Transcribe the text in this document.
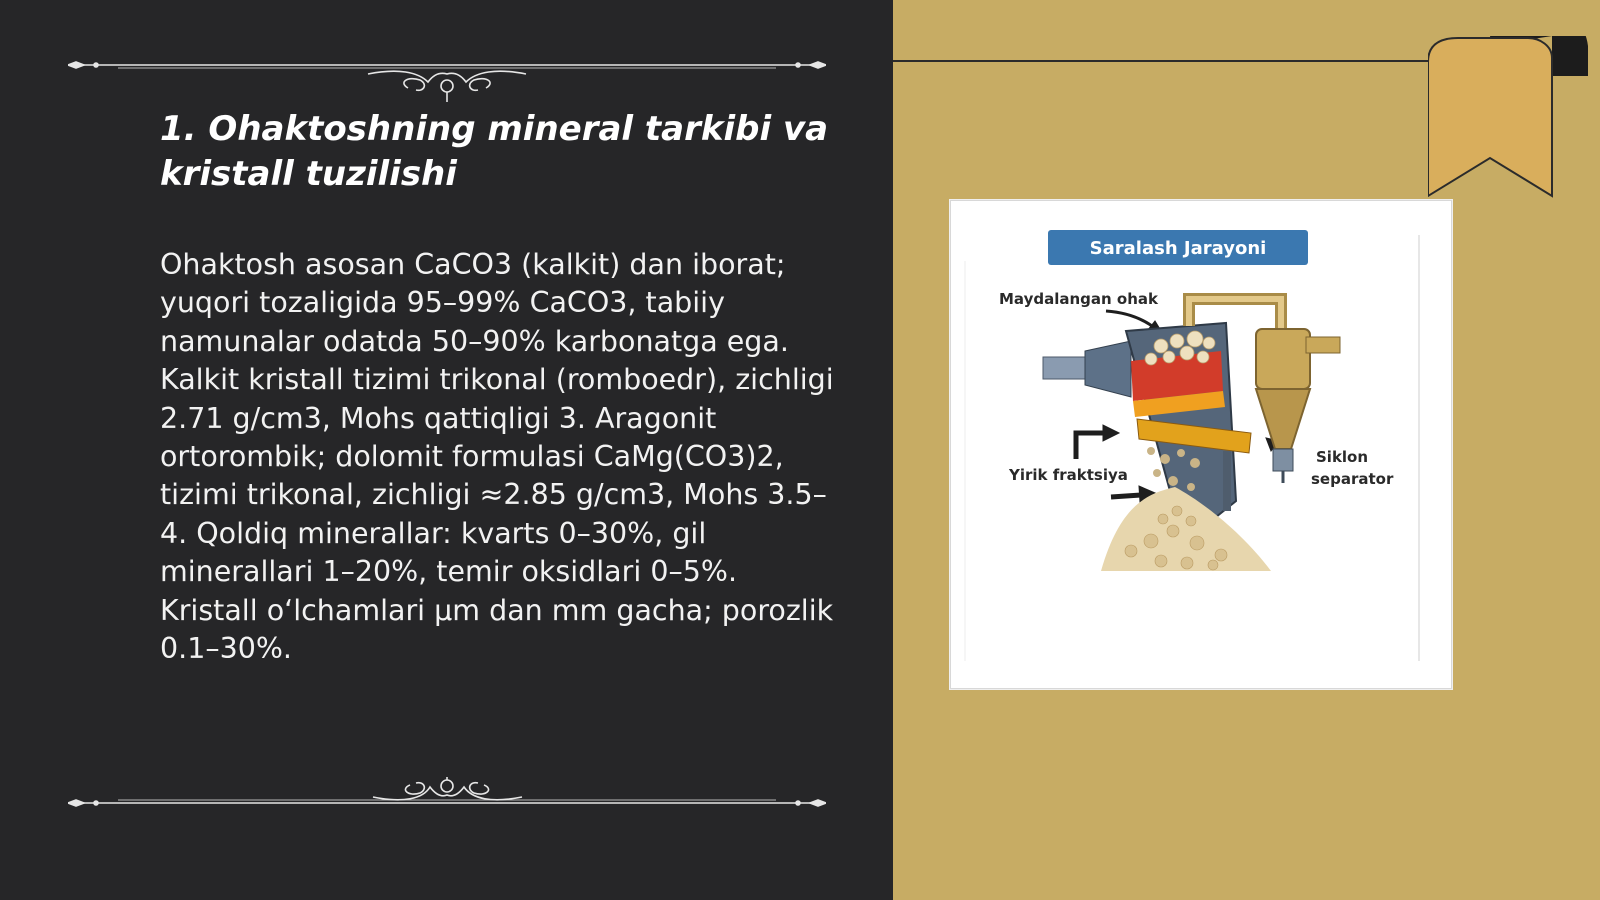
1. Ohaktoshning mineral tarkibi va kristall tuzilishi

Ohaktosh asosan CaCO3 (kalkit) dan iborat; yuqori tozaligida 95–99% CaCO3, tabiiy namunalar odatda 50–90% karbonatga ega. Kalkit kristall tizimi trikonal (romboedr), zichligi 2.71 g/cm3, Mohs qattiqligi 3. Aragonit ortorombik; dolomit formulasi CaMg(CO3)2, tizimi trikonal, zichligi ≈2.85 g/cm3, Mohs 3.5–4. Qoldiq minerallar: kvarts 0–30%, gil minerallari 1–20%, temir oksidlari 0–5%. Kristall o‘lchamlari µm dan mm gacha; porozlik 0.1–30%.

Saralash Jarayoni
Maydalangan ohak
Yirik fraktsiya
Siklon
separator
